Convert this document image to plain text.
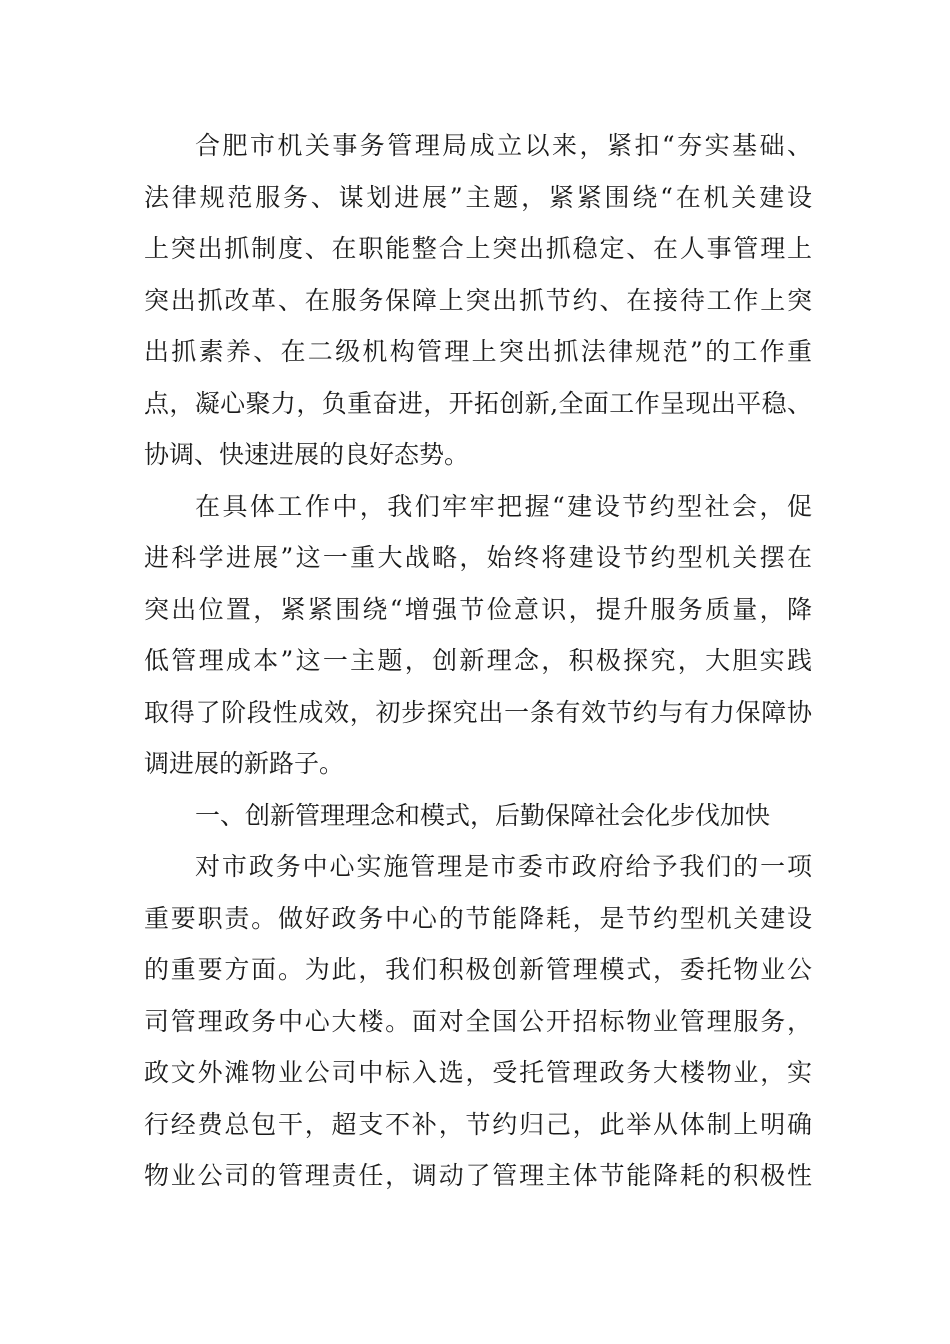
合肥市机关事务管理局成立以来，紧扣“夯实基础、
法律规范服务、谋划进展”主题，紧紧围绕“在机关建设
上突出抓制度、在职能整合上突出抓稳定、在人事管理上
突出抓改革、在服务保障上突出抓节约、在接待工作上突
出抓素养、在二级机构管理上突出抓法律规范”的工作重
点，凝心聚力，负重奋进，开拓创新,全面工作呈现出平稳、
协调、快速进展的良好态势。
在具体工作中，我们牢牢把握“建设节约型社会，促
进科学进展”这一重大战略，始终将建设节约型机关摆在
突出位置，紧紧围绕“增强节俭意识，提升服务质量，降
低管理成本”这一主题，创新理念，积极探究，大胆实践
取得了阶段性成效，初步探究出一条有效节约与有力保障协
调进展的新路子。
一、创新管理理念和模式，后勤保障社会化步伐加快
对市政务中心实施管理是市委市政府给予我们的一项
重要职责。做好政务中心的节能降耗，是节约型机关建设
的重要方面。为此，我们积极创新管理模式，委托物业公
司管理政务中心大楼。面对全国公开招标物业管理服务，
政文外滩物业公司中标入选，受托管理政务大楼物业，实
行经费总包干，超支不补，节约归己，此举从体制上明确
物业公司的管理责任，调动了管理主体节能降耗的积极性
